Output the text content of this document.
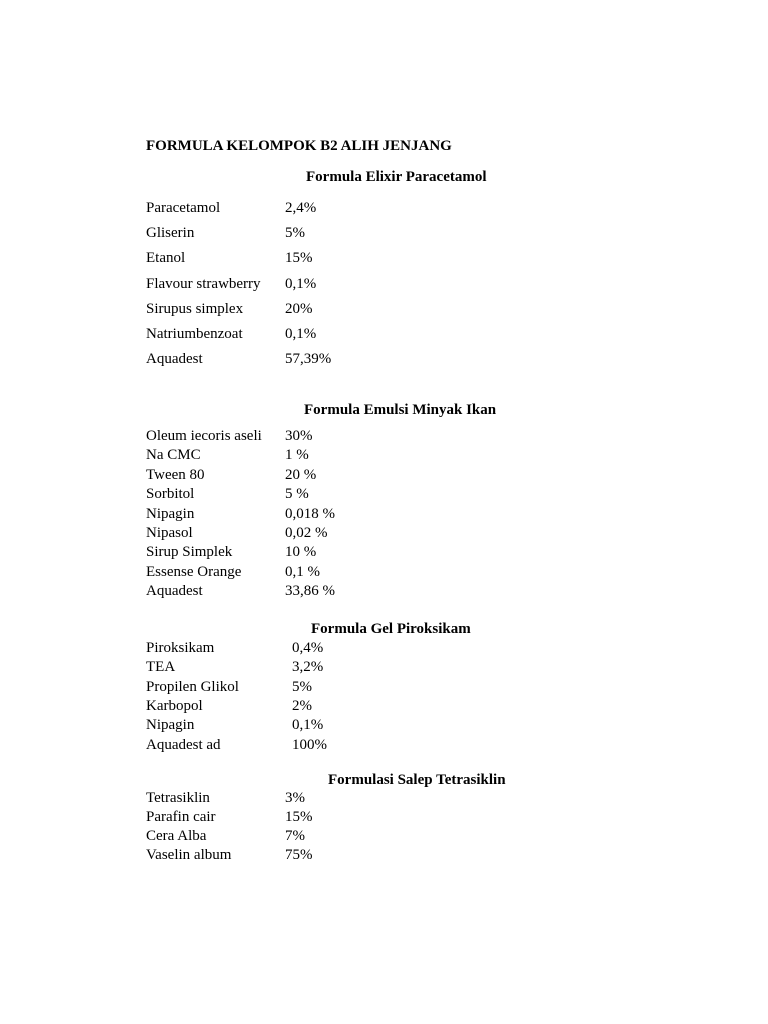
FORMULA KELOMPOK B2 ALIH JENJANG
Formula Elixir Paracetamol
Paracetamol	2,4%
Gliserin	5%
Etanol	15%
Flavour strawberry 0,1%
Sirupus simplex	20%
Natriumbenzoat	0,1%
Aquadest	57,39%
Formula Emulsi Minyak Ikan
Oleum iecoris aseli 30%
Na CMC	1 %
Tween 80	20 %
Sorbitol	5 %
Nipagin	0,018 %
Nipasol	0,02 %
Sirup Simplek	10 %
Essense Orange	0,1 %
Aquadest	33,86 %
Formula Gel Piroksikam
Piroksikam	0,4%
TEA	3,2%
Propilen Glikol	5%
Karbopol	2%
Nipagin	0,1%
Aquadest ad	100%
Formulasi Salep Tetrasiklin
Tetrasiklin	3%
Parafin cair	15%
Cera Alba	7%
Vaselin album	75%
